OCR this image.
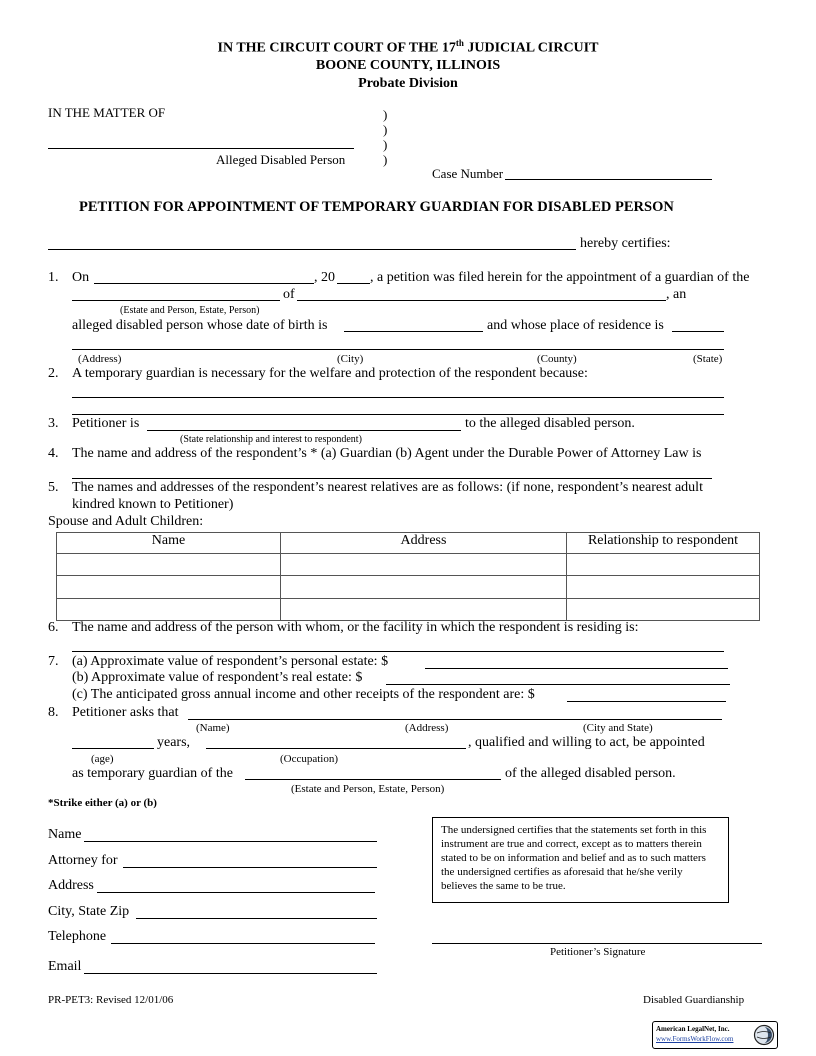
IN THE CIRCUIT COURT OF THE 17th JUDICIAL CIRCUIT
BOONE COUNTY, ILLINOIS
Probate Division
IN THE MATTER OF	)
)
)
)
Alleged Disabled Person
Case Number
PETITION FOR APPOINTMENT OF TEMPORARY GUARDIAN FOR DISABLED PERSON
hereby certifies:
1. On	, 20	, a petition was filed herein for the appointment of a guardian of the
of	, an
(Estate and Person, Estate, Person)
alleged disabled person whose date of birth is	and whose place of residence is
(Address)	(City)	(County)	(State)
2. A temporary guardian is necessary for the welfare and protection of the respondent because:
3. Petitioner is	to the alleged disabled person.
(State relationship and interest to respondent)
4. The name and address of the respondent’s * (a) Guardian (b) Agent under the Durable Power of Attorney Law is
5. The names and addresses of the respondent’s nearest relatives are as follows: (if none, respondent’s nearest adult
kindred known to Petitioner)
Spouse and Adult Children:
Name	Address	Relationship to respondent

6. The name and address of the person with whom, or the facility in which the respondent is residing is:
7. (a) Approximate value of respondent’s personal estate: $
(b) Approximate value of respondent’s real estate: $
(c) The anticipated gross annual income and other receipts of the respondent are: $
8. Petitioner asks that
(Name)	(Address)	(City and State)
years,	, qualified and willing to act, be appointed
(age)	(Occupation)
as temporary guardian of the	of the alleged disabled person.
(Estate and Person, Estate, Person)
*Strike either (a) or (b)
Name
Attorney for
Address
City, State Zip
Telephone
Email
The undersigned certifies that the statements set forth in this instrument are true and correct, except as to matters therein stated to be on information and belief and as to such matters the undersigned certifies as aforesaid that he/she verily believes the same to be true.
Petitioner’s Signature
PR-PET3: Revised 12/01/06	Disabled Guardianship
American LegalNet, Inc.
www.FormsWorkFlow.com
